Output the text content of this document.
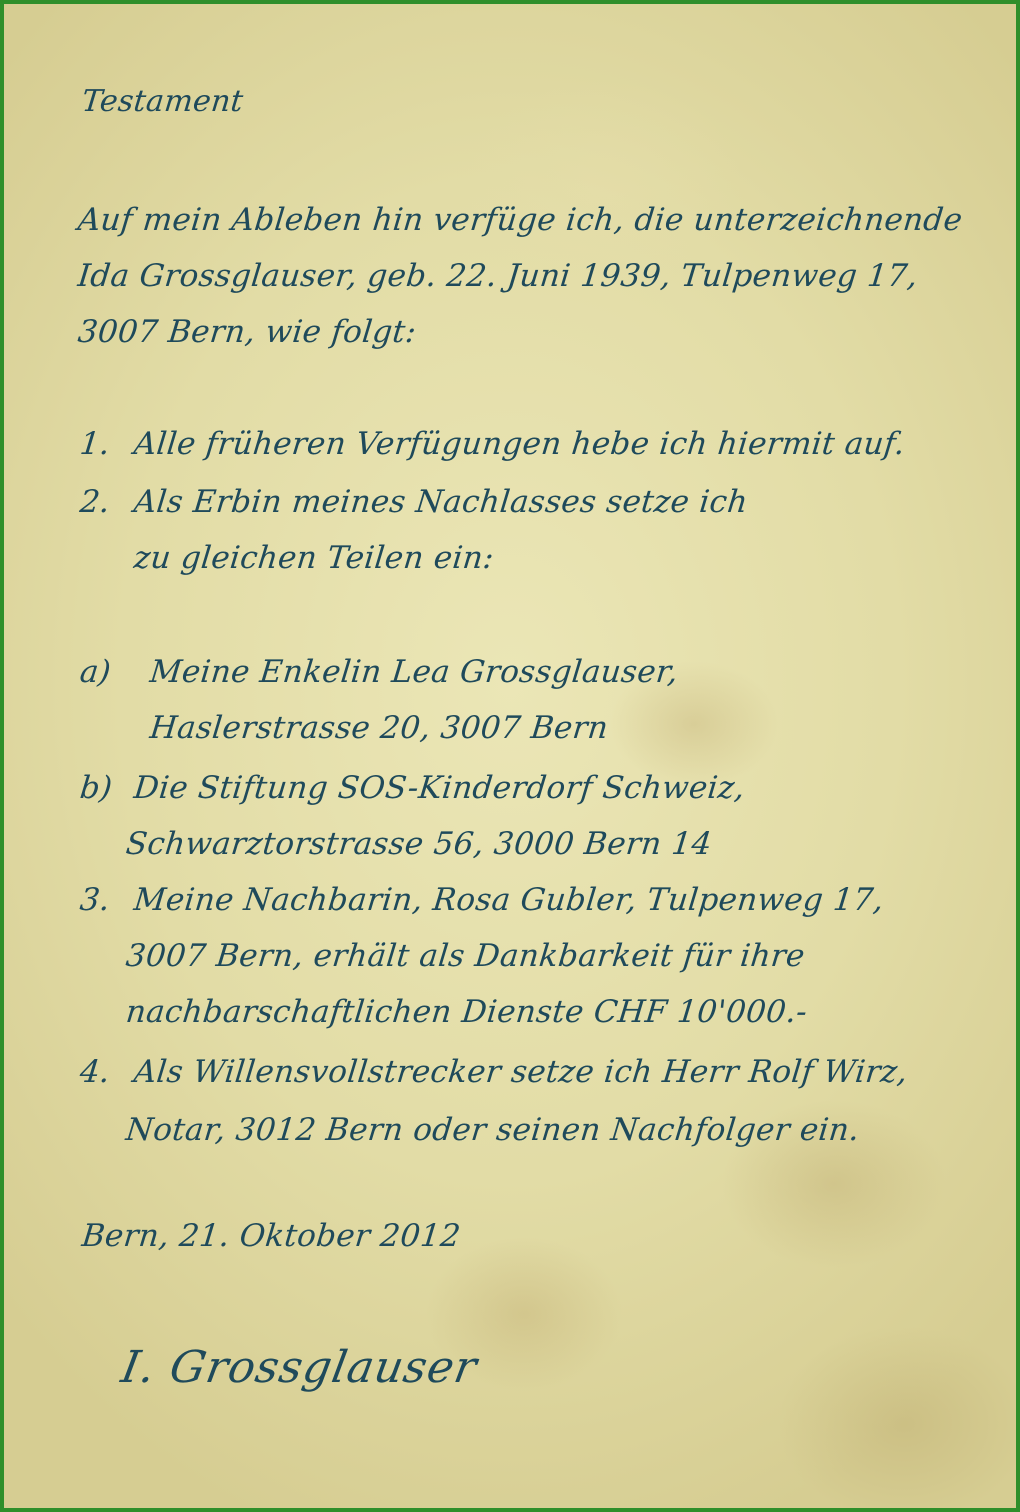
Testament
Auf mein Ableben hin verfüge ich, die unterzeichnende
Ida Grossglauser, geb. 22. Juni 1939, Tulpenweg 17,
3007 Bern, wie folgt:
1. Alle früheren Verfügungen hebe ich hiermit auf.
2. Als Erbin meines Nachlasses setze ich
zu gleichen Teilen ein:
a) Meine Enkelin Lea Grossglauser,
Haslerstrasse 20, 3007 Bern
b) Die Stiftung SOS-Kinderdorf Schweiz,
Schwarztorstrasse 56, 3000 Bern 14
3. Meine Nachbarin, Rosa Gubler, Tulpenweg 17,
3007 Bern, erhält als Dankbarkeit für ihre
nachbarschaftlichen Dienste CHF 10'000.-
4. Als Willensvollstrecker setze ich Herr Rolf Wirz,
Notar, 3012 Bern oder seinen Nachfolger ein.
Bern, 21. Oktober 2012
I. Grossglauser
